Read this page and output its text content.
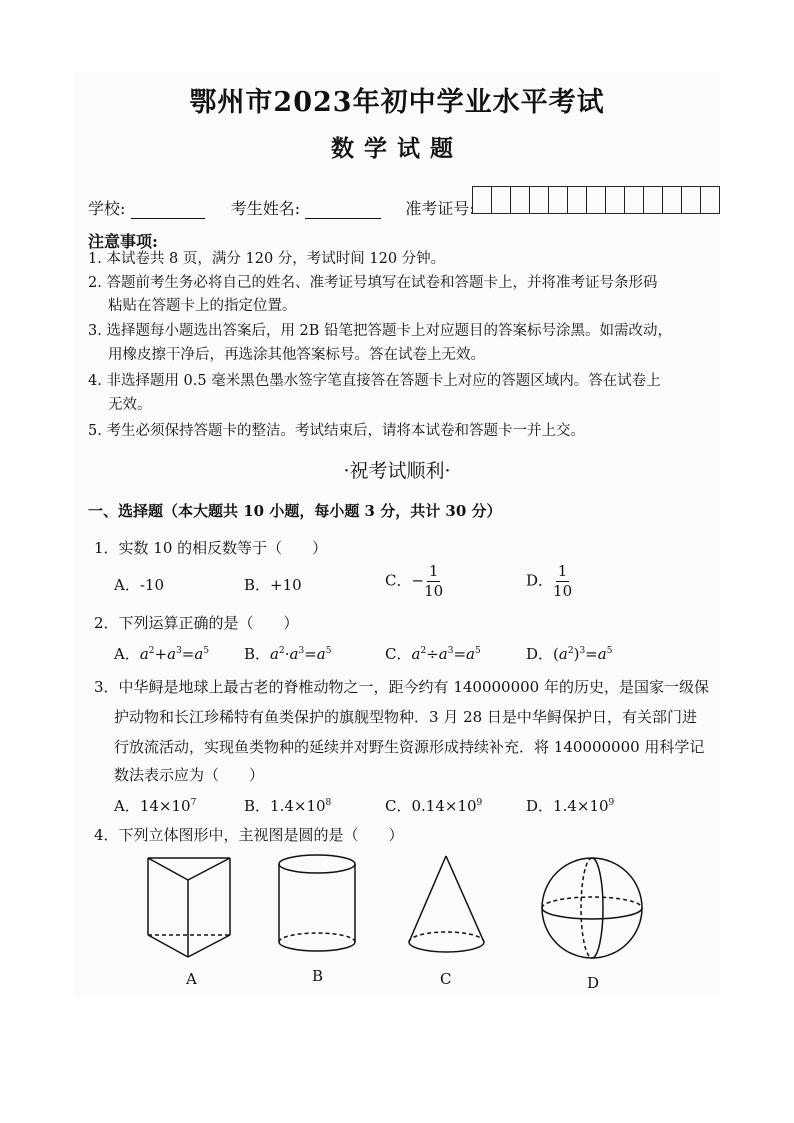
鄂州市2023年初中学业水平考试
数学试题
学校:	考生姓名:	准考证号:
注意事项:
1. 本试卷共 8 页，满分 120 分，考试时间 120 分钟。
2. 答题前考生务必将自己的姓名、准考证号填写在试卷和答题卡上，并将准考证号条形码
粘贴在答题卡上的指定位置。
3. 选择题每小题选出答案后，用 2B 铅笔把答题卡上对应题目的答案标号涂黑。如需改动，
用橡皮擦干净后，再选涂其他答案标号。答在试卷上无效。
4. 非选择题用 0.5 毫米黑色墨水签字笔直接答在答题卡上对应的答题区域内。答在试卷上
无效。
5. 考生必须保持答题卡的整洁。考试结束后，请将本试卷和答题卡一并上交。
·祝考试顺利·
一、选择题（本大题共 10 小题，每小题 3 分，共计 30 分）
1．实数 10 的相反数等于（　　）
A．-10	B．+10	C．− $\frac{1}{10}$	D． $\frac{1}{10}$
2．下列运算正确的是（　　）
A．$a^2+a^3=a^5$ B．$a^2\cdot a^3=a^5$	C．$a^2\div a^3=a^5$	D．$(a^2)^3=a^5$
3．中华鲟是地球上最古老的脊椎动物之一，距今约有 140000000 年的历史，是国家一级保
护动物和长江珍稀特有鱼类保护的旗舰型物种．3 月 28 日是中华鲟保护日，有关部门进
行放流活动，实现鱼类物种的延续并对野生资源形成持续补充．将 140000000 用科学记
数法表示应为（　　）
A．$14\times 10^7$	B．$1.4\times 10^8$	C．$0.14\times 10^9$	D．$1.4\times 10^9$
4．下列立体图形中，主视图是圆的是（　　）
A	B	C	D
